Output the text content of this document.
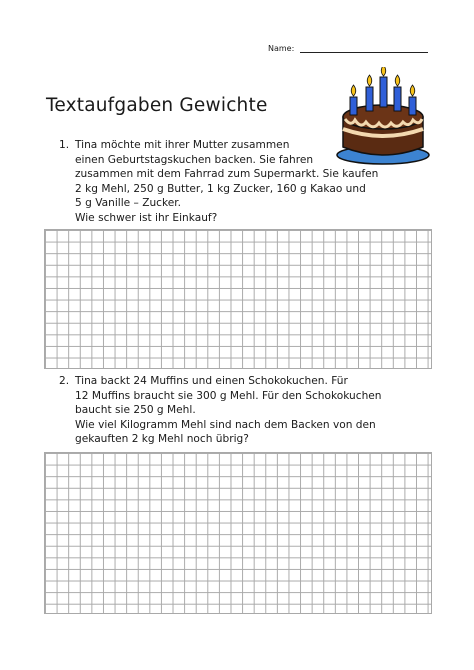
Name:
Textaufgaben Gewichte
1. Tina möchte mit ihrer Mutter zusammen
einen Geburtstagskuchen backen. Sie fahren
zusammen mit dem Fahrrad zum Supermarkt. Sie kaufen
2 kg Mehl, 250 g Butter, 1 kg Zucker, 160 g Kakao und
5 g Vanille – Zucker.
Wie schwer ist ihr Einkauf?
2. Tina backt 24 Muffins und einen Schokokuchen. Für
12 Muffins braucht sie 300 g Mehl. Für den Schokokuchen
baucht sie 250 g Mehl.
Wie viel Kilogramm Mehl sind nach dem Backen von den
gekauften 2 kg Mehl noch übrig?
